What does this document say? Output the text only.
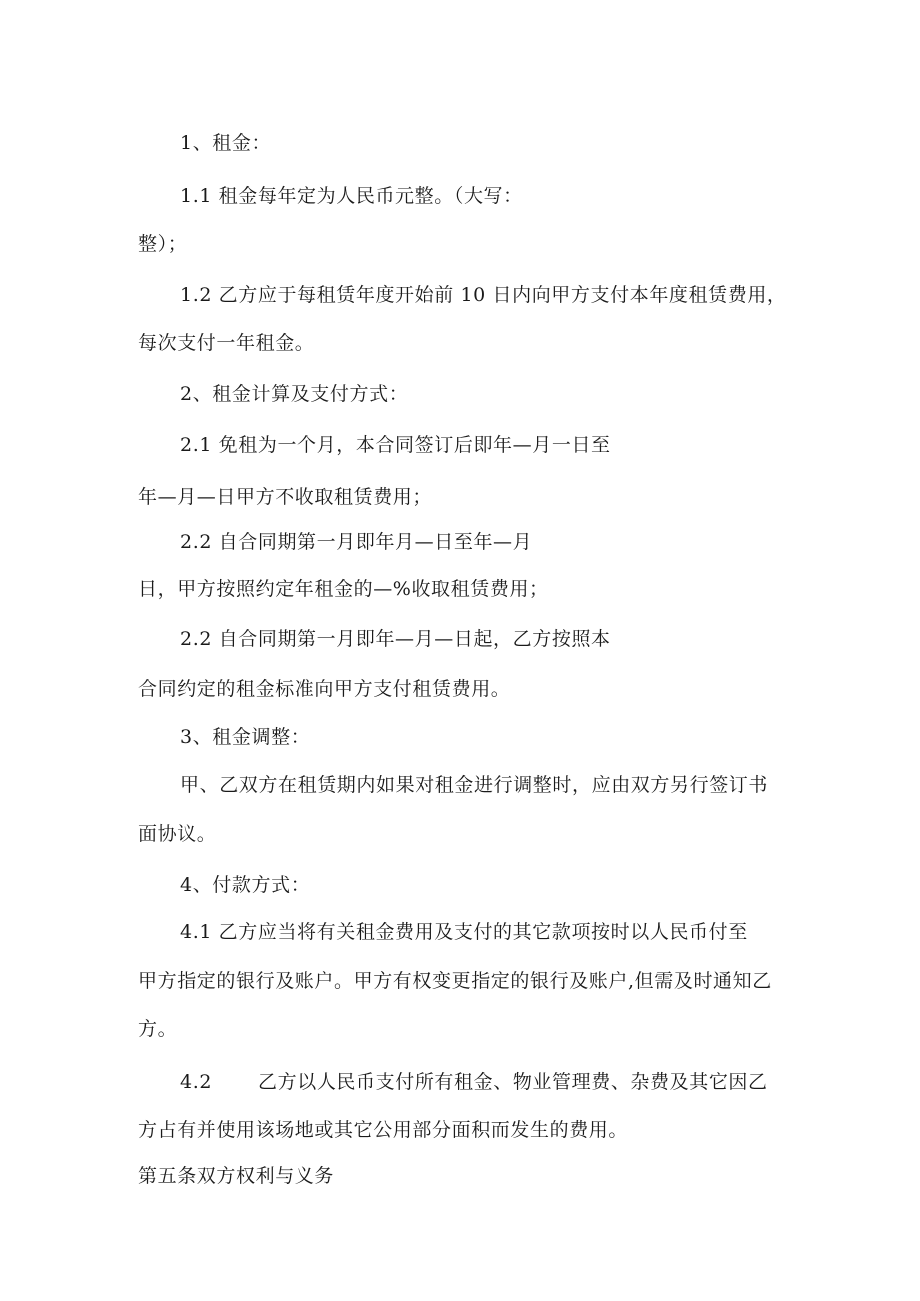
1、租金：
1.1 租金每年定为人民币元整。（大写：
整）；
1.2 乙方应于每租赁年度开始前 10 日内向甲方支付本年度租赁费用，
每次支付一年租金。
2、租金计算及支付方式：
2.1 免租为一个月，本合同签订后即年—月一日至
年—月—日甲方不收取租赁费用；
2.2 自合同期第一月即年月—日至年—月
日，甲方按照约定年租金的—%收取租赁费用；
2.2 自合同期第一月即年—月—日起，乙方按照本
合同约定的租金标准向甲方支付租赁费用。
3、租金调整：
甲、乙双方在租赁期内如果对租金进行调整时，应由双方另行签订书
面协议。
4、付款方式：
4.1 乙方应当将有关租金费用及支付的其它款项按时以人民币付至
甲方指定的银行及账户。甲方有权变更指定的银行及账户,但需及时通知乙
方。
4.2 乙方以人民币支付所有租金、物业管理费、杂费及其它因乙
方占有并使用该场地或其它公用部分面积而发生的费用。
第五条双方权利与义务
